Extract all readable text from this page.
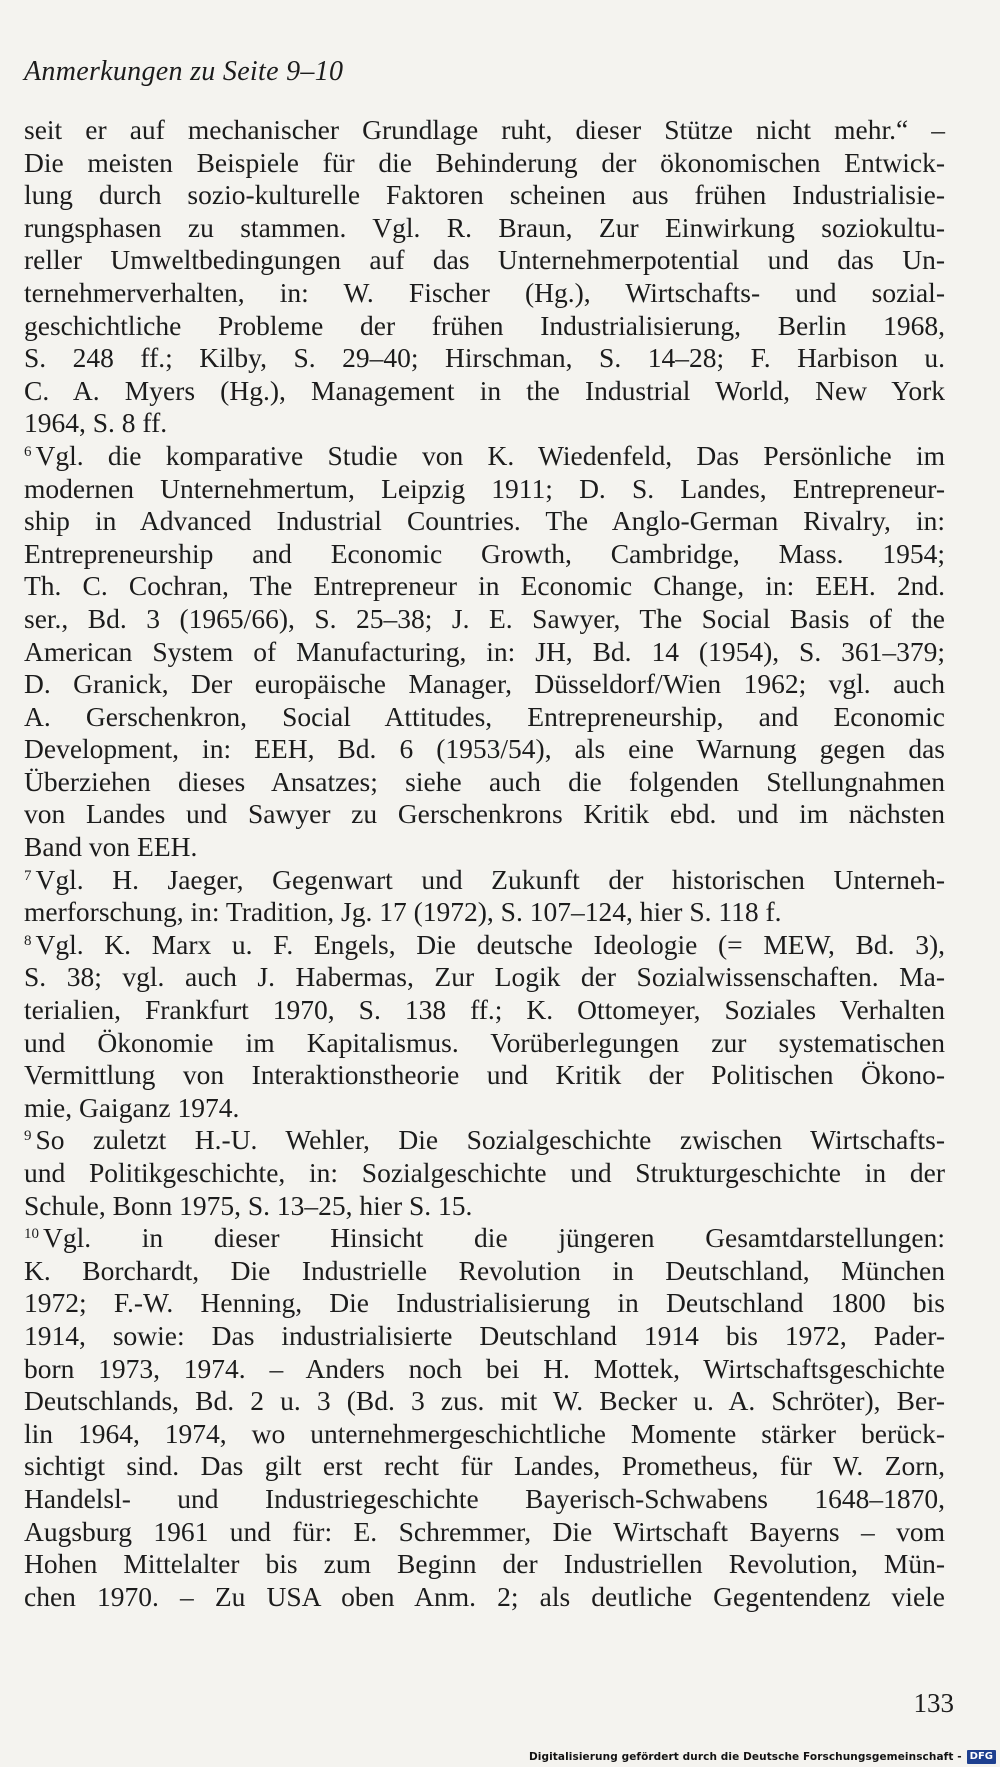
Anmerkungen zu Seite 9–10
seit er auf mechanischer Grundlage ruht, dieser Stütze nicht mehr.“ –
Die meisten Beispiele für die Behinderung der ökonomischen Entwick-
lung durch sozio-kulturelle Faktoren scheinen aus frühen Industrialisie-
rungsphasen zu stammen. Vgl. R. Braun, Zur Einwirkung soziokultu-
reller Umweltbedingungen auf das Unternehmerpotential und das Un-
ternehmerverhalten, in: W. Fischer (Hg.), Wirtschafts- und sozial-
geschichtliche Probleme der frühen Industrialisierung, Berlin 1968,
S. 248 ff.; Kilby, S. 29–40; Hirschman, S. 14–28; F. Harbison u.
C. A. Myers (Hg.), Management in the Industrial World, New York
1964, S. 8 ff.
$^6$ Vgl. die komparative Studie von K. Wiedenfeld, Das Persönliche im
modernen Unternehmertum, Leipzig 1911; D. S. Landes, Entrepreneur-
ship in Advanced Industrial Countries. The Anglo-German Rivalry, in:
Entrepreneurship and Economic Growth, Cambridge, Mass. 1954;
Th. C. Cochran, The Entrepreneur in Economic Change, in: EEH. 2nd.
ser., Bd. 3 (1965/66), S. 25–38; J. E. Sawyer, The Social Basis of the
American System of Manufacturing, in: JH, Bd. 14 (1954), S. 361–379;
D. Granick, Der europäische Manager, Düsseldorf/Wien 1962; vgl. auch
A. Gerschenkron, Social Attitudes, Entrepreneurship, and Economic
Development, in: EEH, Bd. 6 (1953/54), als eine Warnung gegen das
Überziehen dieses Ansatzes; siehe auch die folgenden Stellungnahmen
von Landes und Sawyer zu Gerschenkrons Kritik ebd. und im nächsten
Band von EEH.
$^7$ Vgl. H. Jaeger, Gegenwart und Zukunft der historischen Unterneh-
merforschung, in: Tradition, Jg. 17 (1972), S. 107–124, hier S. 118 f.
$^8$ Vgl. K. Marx u. F. Engels, Die deutsche Ideologie (= MEW, Bd. 3),
S. 38; vgl. auch J. Habermas, Zur Logik der Sozialwissenschaften. Ma-
terialien, Frankfurt 1970, S. 138 ff.; K. Ottomeyer, Soziales Verhalten
und Ökonomie im Kapitalismus. Vorüberlegungen zur systematischen
Vermittlung von Interaktionstheorie und Kritik der Politischen Ökono-
mie, Gaiganz 1974.
$^9$ So zuletzt H.-U. Wehler, Die Sozialgeschichte zwischen Wirtschafts-
und Politikgeschichte, in: Sozialgeschichte und Strukturgeschichte in der
Schule, Bonn 1975, S. 13–25, hier S. 15.
$^{10}$ Vgl. in dieser Hinsicht die jüngeren Gesamtdarstellungen:
K. Borchardt, Die Industrielle Revolution in Deutschland, München
1972; F.-W. Henning, Die Industrialisierung in Deutschland 1800 bis
1914, sowie: Das industrialisierte Deutschland 1914 bis 1972, Pader-
born 1973, 1974. – Anders noch bei H. Mottek, Wirtschaftsgeschichte
Deutschlands, Bd. 2 u. 3 (Bd. 3 zus. mit W. Becker u. A. Schröter), Ber-
lin 1964, 1974, wo unternehmergeschichtliche Momente stärker berück-
sichtigt sind. Das gilt erst recht für Landes, Prometheus, für W. Zorn,
Handelsl- und Industriegeschichte Bayerisch-Schwabens 1648–1870,
Augsburg 1961 und für: E. Schremmer, Die Wirtschaft Bayerns – vom
Hohen Mittelalter bis zum Beginn der Industriellen Revolution, Mün-
chen 1970. – Zu USA oben Anm. 2; als deutliche Gegentendenz viele
133
Digitalisierung gefördert durch die Deutsche Forschungsgemeinschaft - DFG
